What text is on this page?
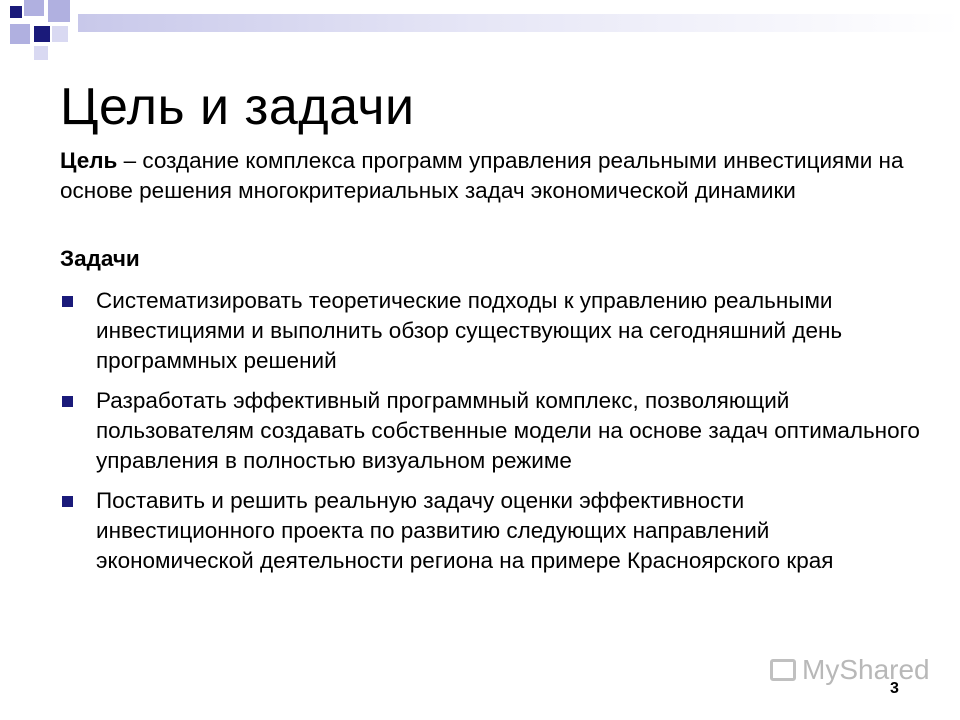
Цель и задачи

Цель – создание комплекса программ управления реальными инвестициями на основе решения многокритериальных задач экономической динамики

Задачи

Систематизировать теоретические подходы к управлению реальными инвестициями и выполнить обзор существующих на сегодняшний день программных решений
Разработать эффективный программный комплекс, позволяющий пользователям создавать собственные модели на основе задач оптимального управления в полностью визуальном режиме
Поставить и решить реальную задачу оценки эффективности инвестиционного проекта по развитию следующих направлений экономической деятельности региона на примере Красноярского края
MyShared
3
